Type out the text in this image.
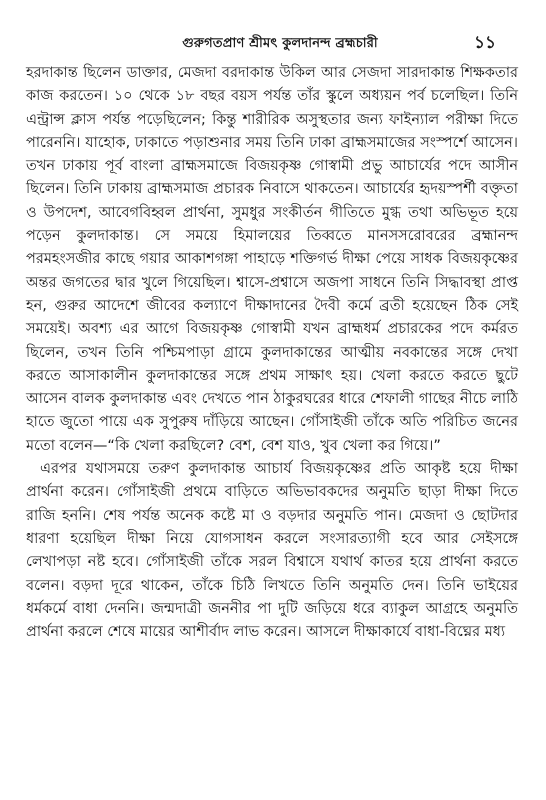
গুরুগতপ্রাণ শ্রীমৎ কুলদানন্দ ব্রহ্মচারী	১১

হরদাকান্ত ছিলেন ডাক্তার, মেজদা বরদাকান্ত উকিল আর সেজদা সারদাকান্ত শিক্ষকতার কাজ করতেন। ১০ থেকে ১৮ বছর বয়স পর্যন্ত তাঁর স্কুলে অধ্যয়ন পর্ব চলেছিল। তিনি এন্ট্রান্স ক্লাস পর্যন্ত পড়েছিলেন; কিন্তু শারীরিক অসুস্থতার জন্য ফাইন্যাল পরীক্ষা দিতে পারেননি। যাহোক, ঢাকাতে পড়াশুনার সময় তিনি ঢাকা ব্রাহ্মসমাজের সংস্পর্শে আসেন। তখন ঢাকায় পূর্ব বাংলা ব্রাহ্মসমাজে বিজয়কৃষ্ণ গোস্বামী প্রভু আচার্যের পদে আসীন ছিলেন। তিনি ঢাকায় ব্রাহ্মসমাজ প্রচারক নিবাসে থাকতেন। আচার্যের হৃদয়স্পর্শী বক্তৃতা ও উপদেশ, আবেগবিহ্বল প্রার্থনা, সুমধুর সংকীর্তন গীতিতে মুগ্ধ তথা অভিভূত হয়ে পড়েন কুলদাকান্ত। সে সময়ে হিমালয়ের তিব্বতে মানসসরোবরের ব্রহ্মানন্দ পরমহংসজীর কাছে গয়ার আকাশগঙ্গা পাহাড়ে শক্তিগর্ভ দীক্ষা পেয়ে সাধক বিজয়কৃষ্ণের অন্তর জগতের দ্বার খুলে গিয়েছিল। শ্বাসে-প্রশ্বাসে অজপা সাধনে তিনি সিদ্ধাবস্থা প্রাপ্ত হন, গুরুর আদেশে জীবের কল্যাণে দীক্ষাদানের দৈবী কর্মে ব্রতী হয়েছেন ঠিক সেই সময়েই। অবশ্য এর আগে বিজয়কৃষ্ণ গোস্বামী যখন ব্রাহ্মধর্ম প্রচারকের পদে কর্মরত ছিলেন, তখন তিনি পশ্চিমপাড়া গ্রামে কুলদাকান্তের আত্মীয় নবকান্তের সঙ্গে দেখা করতে আসাকালীন কুলদাকান্তের সঙ্গে প্রথম সাক্ষাৎ হয়। খেলা করতে করতে ছুটে আসেন বালক কুলদাকান্ত এবং দেখতে পান ঠাকুরঘরের ধারে শেফালী গাছের নীচে লাঠি হাতে জুতো পায়ে এক সুপুরুষ দাঁড়িয়ে আছেন। গোঁসাইজী তাঁকে অতি পরিচিত জনের মতো বলেন—“কি খেলা করছিলে? বেশ, বেশ যাও, খুব খেলা কর গিয়ে।”

এরপর যথাসময়ে তরুণ কুলদাকান্ত আচার্য বিজয়কৃষ্ণের প্রতি আকৃষ্ট হয়ে দীক্ষা প্রার্থনা করেন। গোঁসাইজী প্রথমে বাড়িতে অভিভাবকদের অনুমতি ছাড়া দীক্ষা দিতে রাজি হননি। শেষ পর্যন্ত অনেক কষ্টে মা ও বড়দার অনুমতি পান। মেজদা ও ছোটদার ধারণা হয়েছিল দীক্ষা নিয়ে যোগসাধন করলে সংসারত্যাগী হবে আর সেইসঙ্গে লেখাপড়া নষ্ট হবে। গোঁসাইজী তাঁকে সরল বিশ্বাসে যথার্থ কাতর হয়ে প্রার্থনা করতে বলেন। বড়দা দূরে থাকেন, তাঁকে চিঠি লিখতে তিনি অনুমতি দেন। তিনি ভাইয়ের ধর্মকর্মে বাধা দেননি। জন্মদাত্রী জননীর পা দুটি জড়িয়ে ধরে ব্যাকুল আগ্রহে অনুমতি প্রার্থনা করলে শেষে মায়ের আশীর্বাদ লাভ করেন। আসলে দীক্ষাকার্যে বাধা-বিঘ্নের মধ্য
